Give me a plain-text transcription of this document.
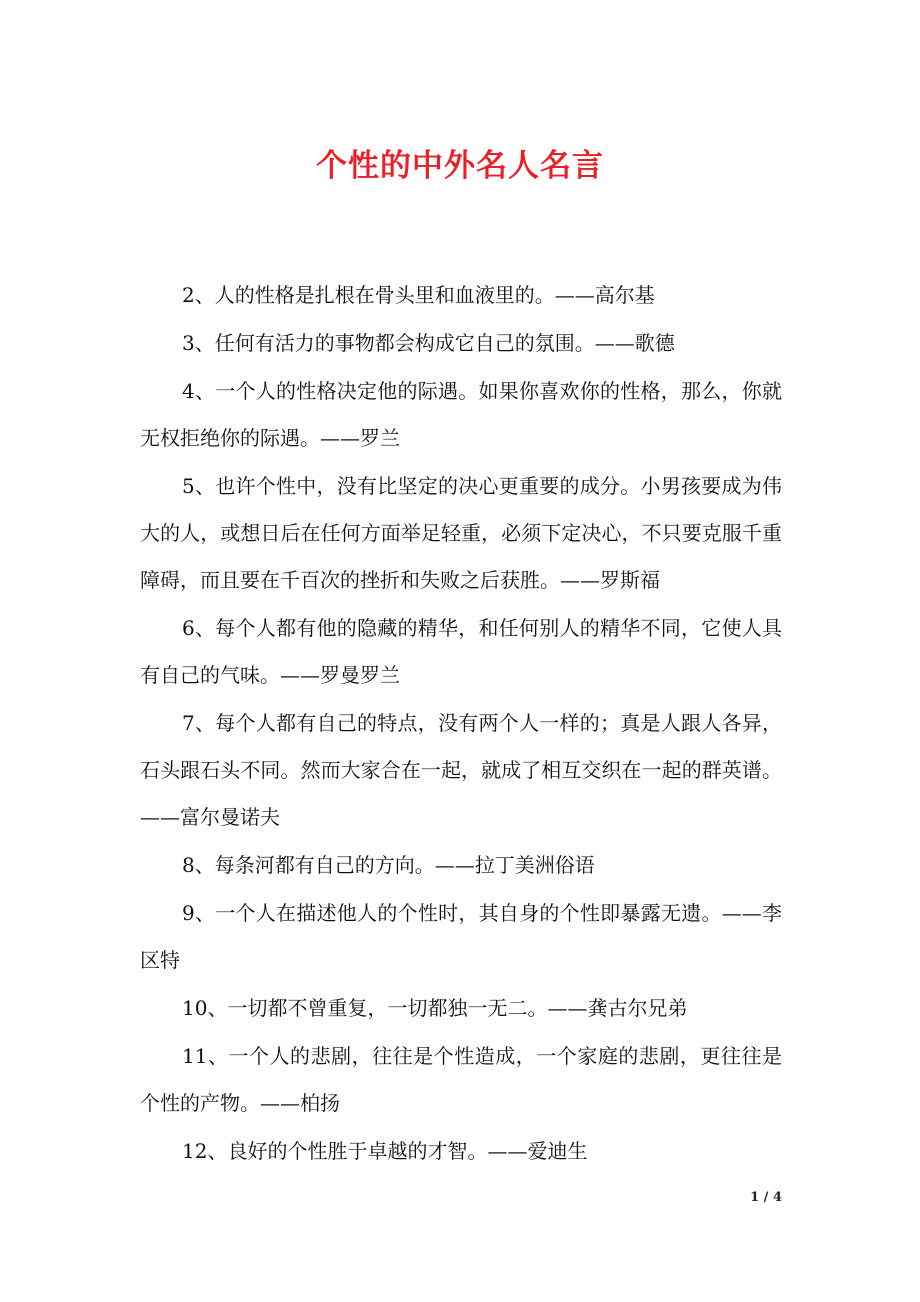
个性的中外名人名言

2、人的性格是扎根在骨头里和血液里的。——高尔基

3、任何有活力的事物都会构成它自己的氛围。——歌德

4、一个人的性格决定他的际遇。如果你喜欢你的性格，那么，你就无权拒绝你的际遇。——罗兰

5、也许个性中，没有比坚定的决心更重要的成分。小男孩要成为伟大的人，或想日后在任何方面举足轻重，必须下定决心，不只要克服千重障碍，而且要在千百次的挫折和失败之后获胜。——罗斯福

6、每个人都有他的隐藏的精华，和任何别人的精华不同，它使人具有自己的气味。——罗曼罗兰

7、每个人都有自己的特点，没有两个人一样的；真是人跟人各异，石头跟石头不同。然而大家合在一起，就成了相互交织在一起的群英谱。——富尔曼诺夫

8、每条河都有自己的方向。——拉丁美洲俗语

9、一个人在描述他人的个性时，其自身的个性即暴露无遗。——李区特

10、一切都不曾重复，一切都独一无二。——龚古尔兄弟

11、一个人的悲剧，往往是个性造成，一个家庭的悲剧，更往往是个性的产物。——柏扬

12、良好的个性胜于卓越的才智。——爱迪生

1 / 4
